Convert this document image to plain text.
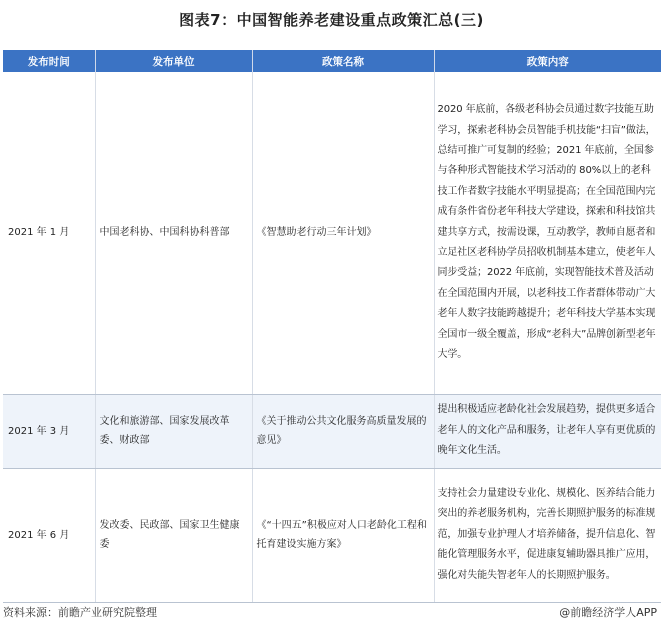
图表7：中国智能养老建设重点政策汇总(三)
发布时间	发布单位	政策名称	政策内容
2021 年 1 月	中国老科协、中国科协科普部	《智慧助老行动三年计划》	2020 年底前，各级老科协会员通过数字技能互助学习，探索老科协会员智能手机技能“扫盲”做法，总结可推广可复制的经验；2021 年底前，全国参与各种形式智能技术学习活动的 80%以上的老科技工作者数字技能水平明显提高；在全国范围内完成有条件省份老年科技大学建设，探索和科技馆共建共享方式，按需设课，互动教学，教师自愿者和立足社区老科协学员招收机制基本建立，使老年人同步受益；2022 年底前，实现智能技术普及活动在全国范围内开展，以老科技工作者群体带动广大老年人数字技能跨越提升；老年科技大学基本实现全国市一级全覆盖，形成“老科大”品牌创新型老年大学。
2021 年 3 月	文化和旅游部、国家发展改革委、财政部	《关于推动公共文化服务高质量发展的意见》	提出积极适应老龄化社会发展趋势，提供更多适合老年人的文化产品和服务，让老年人享有更优质的晚年文化生活。
2021 年 6 月	发改委、民政部、国家卫生健康委	《“十四五”积极应对人口老龄化工程和托育建设实施方案》	支持社会力量建设专业化、规模化、医养结合能力突出的养老服务机构，完善长期照护服务的标准规范，加强专业护理人才培养储备，提升信息化、智能化管理服务水平，促进康复辅助器具推广应用，强化对失能失智老年人的长期照护服务。
资料来源：前瞻产业研究院整理	@前瞻经济学人APP
